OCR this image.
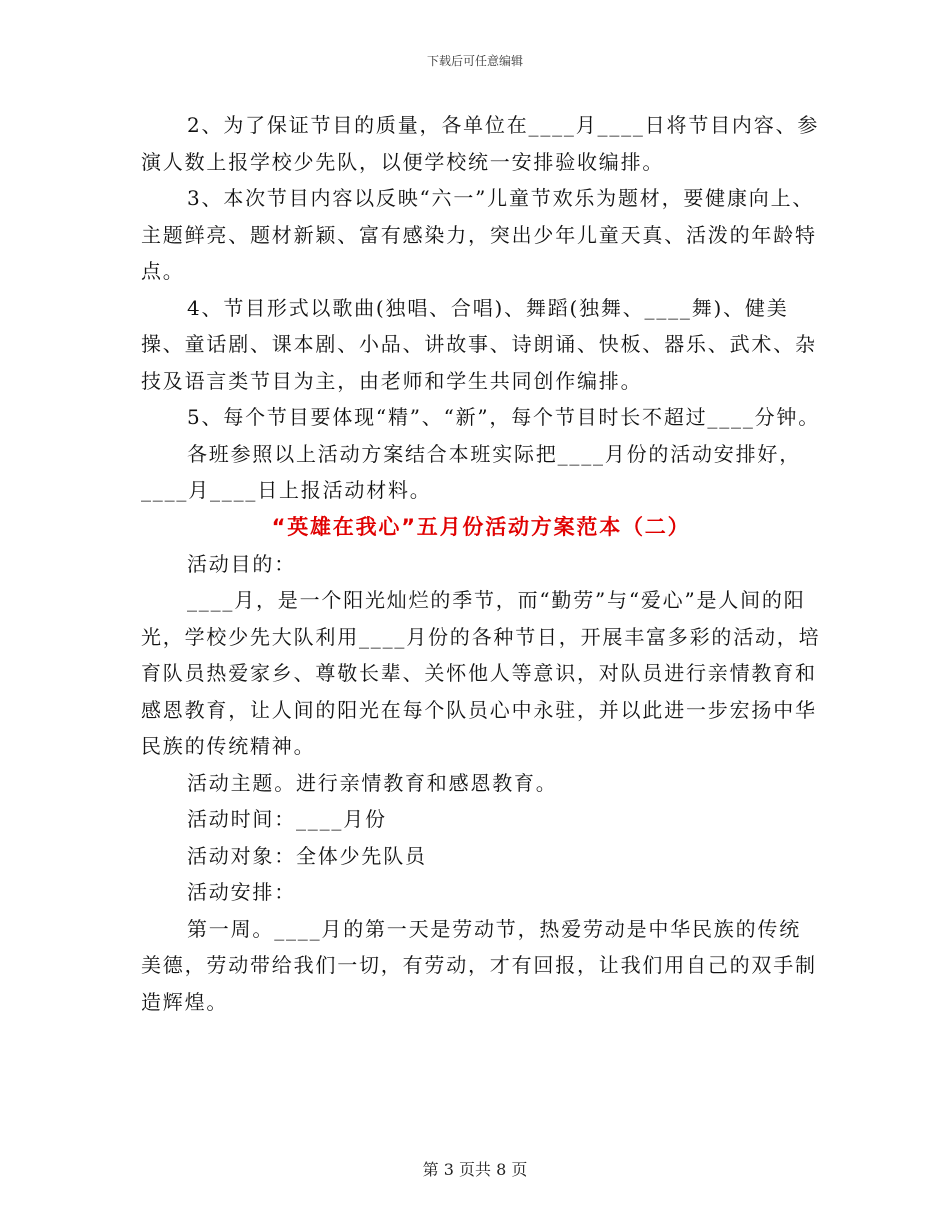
下载后可任意编辑

2、为了保证节目的质量，各单位在____月____日将节目内容、参演人数上报学校少先队，以便学校统一安排验收编排。

3、本次节目内容以反映“六一”儿童节欢乐为题材，要健康向上、主题鲜亮、题材新颖、富有感染力，突出少年儿童天真、活泼的年龄特点。

4、节目形式以歌曲(独唱、合唱)、舞蹈(独舞、____舞)、健美操、童话剧、课本剧、小品、讲故事、诗朗诵、快板、器乐、武术、杂技及语言类节目为主，由老师和学生共同创作编排。

5、每个节目要体现“精”、“新”，每个节目时长不超过____分钟。

各班参照以上活动方案结合本班实际把____月份的活动安排好，____月____日上报活动材料。

“英雄在我心”五月份活动方案范本（二）

活动目的：

____月，是一个阳光灿烂的季节，而“勤劳”与“爱心”是人间的阳光，学校少先大队利用____月份的各种节日，开展丰富多彩的活动，培育队员热爱家乡、尊敬长辈、关怀他人等意识，对队员进行亲情教育和感恩教育，让人间的阳光在每个队员心中永驻，并以此进一步宏扬中华民族的传统精神。

活动主题。进行亲情教育和感恩教育。

活动时间：____月份

活动对象：全体少先队员

活动安排：

第一周。____月的第一天是劳动节，热爱劳动是中华民族的传统美德，劳动带给我们一切，有劳动，才有回报，让我们用自己的双手制造辉煌。

第 3 页共 8 页
